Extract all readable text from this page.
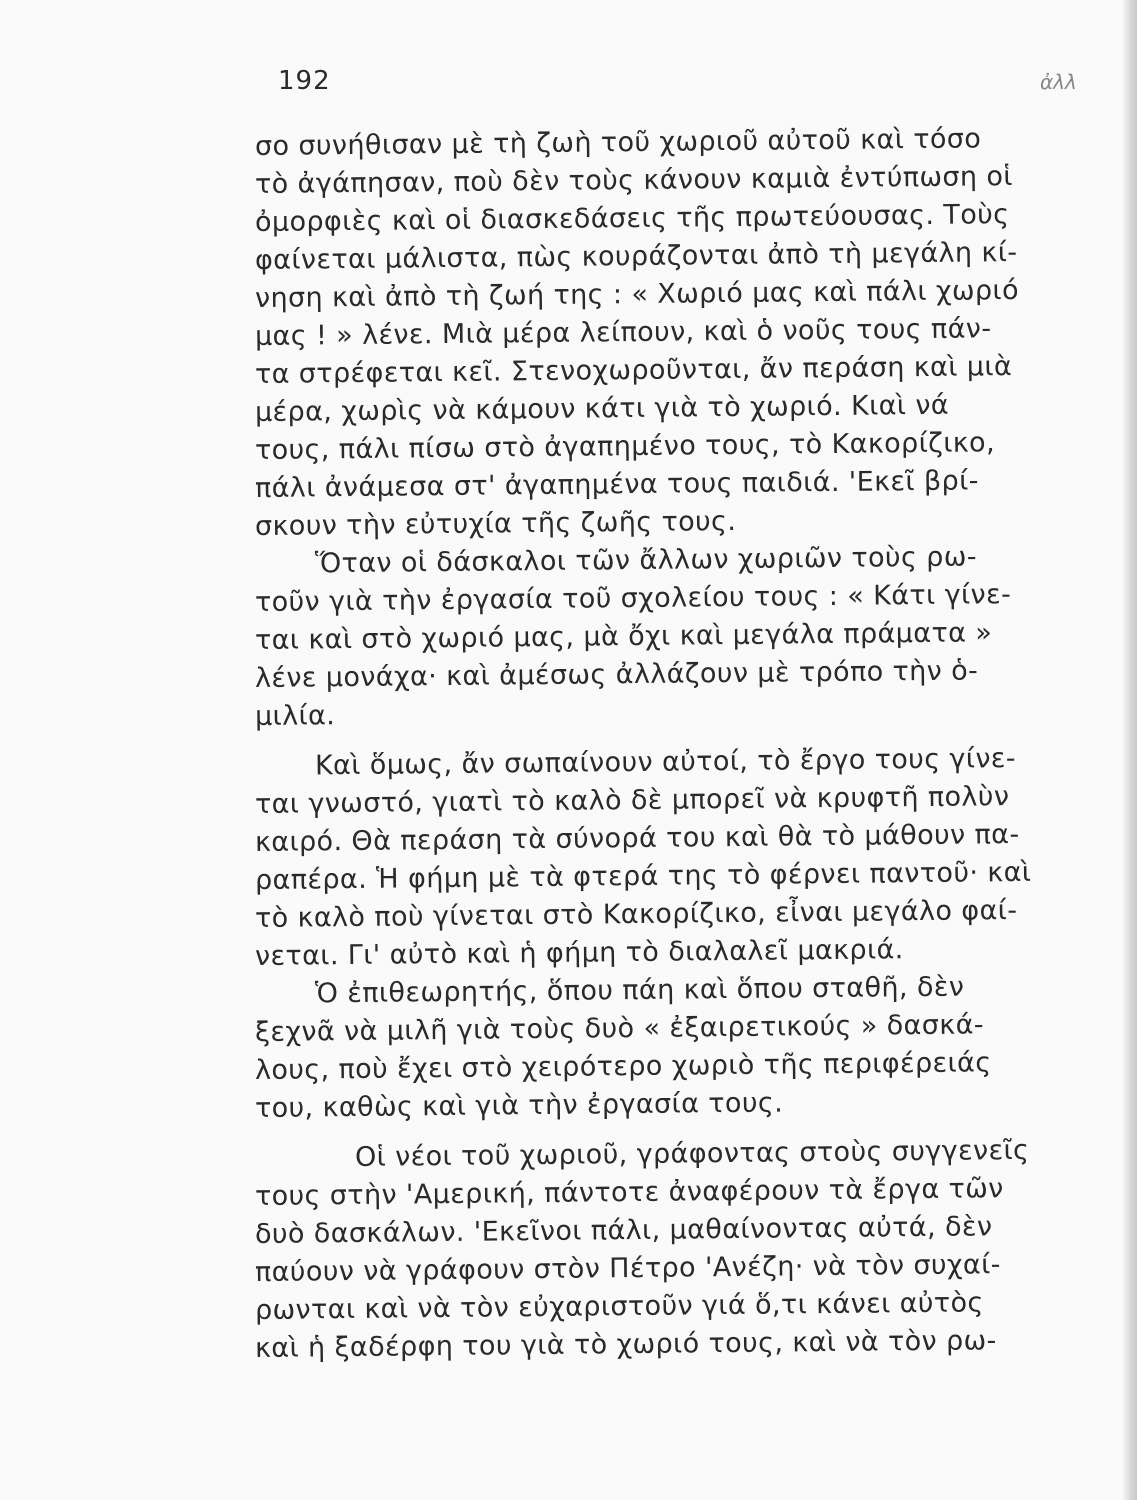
192	ἀλλ
σο συνήθισαν μὲ τὴ ζωὴ τοῦ χωριοῦ αὐτοῦ καὶ τόσο
τὸ ἀγάπησαν, ποὺ δὲν τοὺς κάνουν καμιὰ ἐντύπωση οἱ
ὀμορφιὲς καὶ οἱ διασκεδάσεις τῆς πρωτεύουσας. Τοὺς
φαίνεται μάλιστα, πὼς κουράζονται ἀπὸ τὴ μεγάλη κί-
νηση καὶ ἀπὸ τὴ ζωή της : « Χωριό μας καὶ πάλι χωριό
μας ! » λένε. Μιὰ μέρα λείπουν, καὶ ὁ νοῦς τους πάν-
τα στρέφεται κεῖ. Στενοχωροῦνται, ἄν περάση καὶ μιὰ
μέρα, χωρὶς νὰ κάμουν κάτι γιὰ τὸ χωριό. Κιαὶ νά
τους, πάλι πίσω στὸ ἀγαπημένο τους, τὸ Κακορίζικο,
πάλι ἀνάμεσα στ' ἀγαπημένα τους παιδιά. 'Εκεῖ βρί-
σκουν τὴν εὐτυχία τῆς ζωῆς τους.
Ὅταν οἱ δάσκαλοι τῶν ἄλλων χωριῶν τοὺς ρω-
τοῦν γιὰ τὴν ἐργασία τοῦ σχολείου τους : « Κάτι γίνε-
ται καὶ στὸ χωριό μας, μὰ ὄχι καὶ μεγάλα πράματα »
λένε μονάχα· καὶ ἀμέσως ἀλλάζουν μὲ τρόπο τὴν ὁ-
μιλία.
Καὶ ὅμως, ἄν σωπαίνουν αὐτοί, τὸ ἔργο τους γίνε-
ται γνωστό, γιατὶ τὸ καλὸ δὲ μπορεῖ νὰ κρυφτῆ πολὺν
καιρό. Θὰ περάση τὰ σύνορά του καὶ θὰ τὸ μάθουν πα-
ραπέρα. Ἡ φήμη μὲ τὰ φτερά της τὸ φέρνει παντοῦ· καὶ
τὸ καλὸ ποὺ γίνεται στὸ Κακορίζικο, εἶναι μεγάλο φαί-
νεται. Γι' αὐτὸ καὶ ἡ φήμη τὸ διαλαλεῖ μακριά.
Ὁ ἐπιθεωρητής, ὅπου πάη καὶ ὅπου σταθῆ, δὲν
ξεχνᾶ νὰ μιλῆ γιὰ τοὺς δυὸ « ἐξαιρετικούς » δασκά-
λους, ποὺ ἔχει στὸ χειρότερο χωριὸ τῆς περιφέρειάς
του, καθὼς καὶ γιὰ τὴν ἐργασία τους.
Οἱ νέοι τοῦ χωριοῦ, γράφοντας στοὺς συγγενεῖς
τους στὴν 'Αμερική, πάντοτε ἀναφέρουν τὰ ἔργα τῶν
δυὸ δασκάλων. 'Εκεῖνοι πάλι, μαθαίνοντας αὐτά, δὲν
παύουν νὰ γράφουν στὸν Πέτρο 'Ανέζη· νὰ τὸν συχαί-
ρωνται καὶ νὰ τὸν εὐχαριστοῦν γιά ὅ,τι κάνει αὐτὸς
καὶ ἡ ξαδέρφη του γιὰ τὸ χωριό τους, καὶ νὰ τὸν ρω-
